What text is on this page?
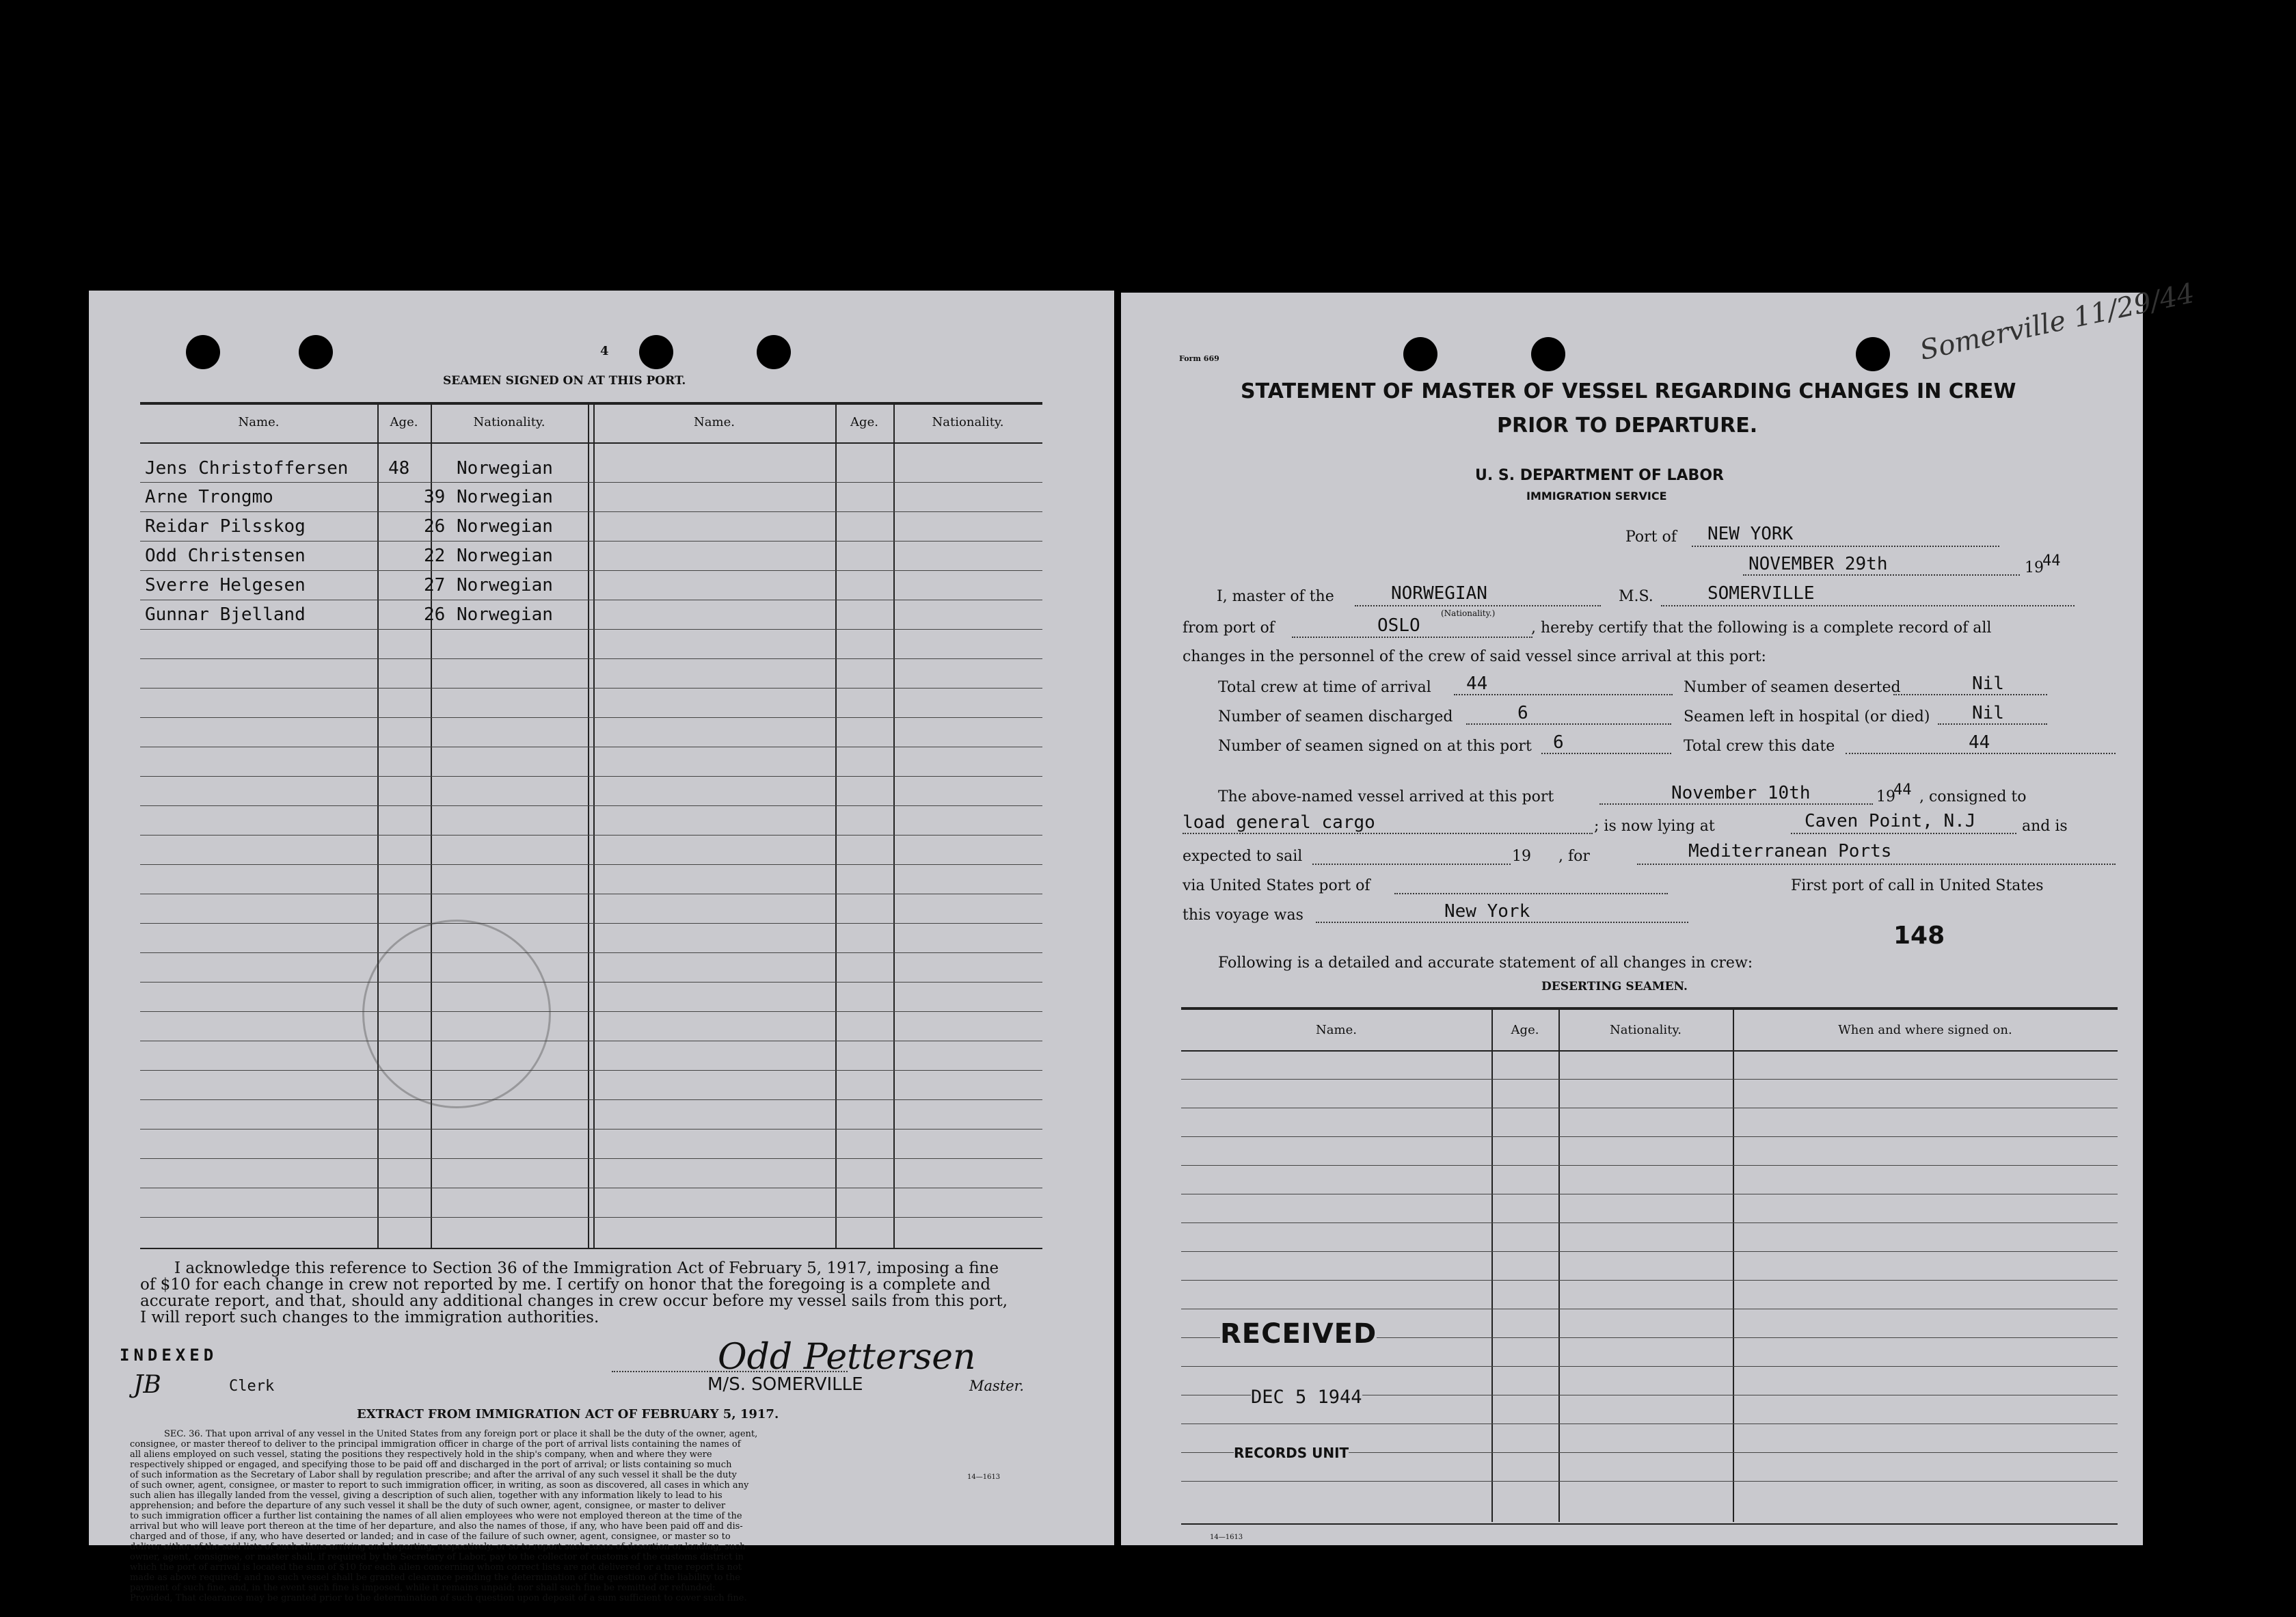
4
SEAMEN SIGNED ON AT THIS PORT.
Name.	Age.	Nationality.	Name.	Age.	Nationality.
Jens Christoffersen 48	Norwegian
Arne Trongmo	39 Norwegian
Reidar Pilsskog	26 Norwegian
Odd Christensen	22 Norwegian
Sverre Helgesen	27 Norwegian
Gunnar Bjelland	26 Norwegian
I acknowledge this reference to Section 36 of the Immigration Act of February 5, 1917, imposing a fine
of $10 for each change in crew not reported by me. I certify on honor that the foregoing is a complete and
accurate report, and that, should any additional changes in crew occur before my vessel sails from this port,
I will report such changes to the immigration authorities.
INDEXED
JB	Clerk
Odd Pettersen
M/S. SOMERVILLE	Master.
EXTRACT FROM IMMIGRATION ACT OF FEBRUARY 5, 1917.
SEC. 36. That upon arrival of any vessel in the United States from any foreign port or place it shall be the duty of the owner, agent,
consignee, or master thereof to deliver to the principal immigration officer in charge of the port of arrival lists containing the names of
all aliens employed on such vessel, stating the positions they respectively hold in the ship's company, when and where they were
respectively shipped or engaged, and specifying those to be paid off and discharged in the port of arrival; or lists containing so much
of such information as the Secretary of Labor shall by regulation prescribe; and after the arrival of any such vessel it shall be the duty
of such owner, agent, consignee, or master to report to such immigration officer, in writing, as soon as discovered, all cases in which any
such alien has illegally landed from the vessel, giving a description of such alien, together with any information likely to lead to his
apprehension; and before the departure of any such vessel it shall be the duty of such owner, agent, consignee, or master to deliver
to such immigration officer a further list containing the names of all alien employees who were not employed thereon at the time of the
arrival but who will leave port thereon at the time of her departure, and also the names of those, if any, who have been paid off and dis-
charged and of those, if any, who have deserted or landed; and in case of the failure of such owner, agent, consignee, or master so to
deliver either of the said lists of such aliens arriving and departing, respectively, or so to report such cases of desertion or landing, such
owner, agent, consignee, or master shall, if required by the Secretary of Labor, pay to the collector of customs of the customs district in
which the port of arrival is located the sum of $10 for each alien concerning whom correct lists are not delivered or a true report is not
made as above required; and no such vessel shall be granted clearance pending the determination of the question of the liability to the
payment of such fine, and, in the event such fine is imposed, while it remains unpaid; nor shall such fine be remitted or refunded:
Provided, That clearance may be granted prior to the determination of such question upon deposit of a sum sufficient to cover such fine.
14—1613
Form 669	Somerville 11/29/44
STATEMENT OF MASTER OF VESSEL REGARDING CHANGES IN CREW
PRIOR TO DEPARTURE.
U. S. DEPARTMENT OF LABOR
IMMIGRATION SERVICE
Port of NEW YORK
NOVEMBER 29th	19
44
I, master of the	NORWEGIAN	M.S.	SOMERVILLE
from port of	OSLO
(Nationality.)
, hereby certify that the following is a complete record of all
changes in the personnel of the crew of said vessel since arrival at this port:
Total crew at time of arrival 44	Number of seamen deserted	Nil
Number of seamen discharged	6	Seamen left in hospital (or died) Nil
Number of seamen signed on at this port 6	Total crew this date	44
The above-named vessel arrived at this port	November 10th	19
44 , consigned to
load general cargo	; is now lying at	Caven Point, N.J	and is
expected to sail	19 , for	Mediterranean Ports
via United States port of	First port of call in United States
this voyage was	New York
148
Following is a detailed and accurate statement of all changes in crew:
DESERTING SEAMEN.
Name.	Age.	Nationality.	When and where signed on.
RECEIVED
DEC 5 1944
RECORDS UNIT
14—1613
